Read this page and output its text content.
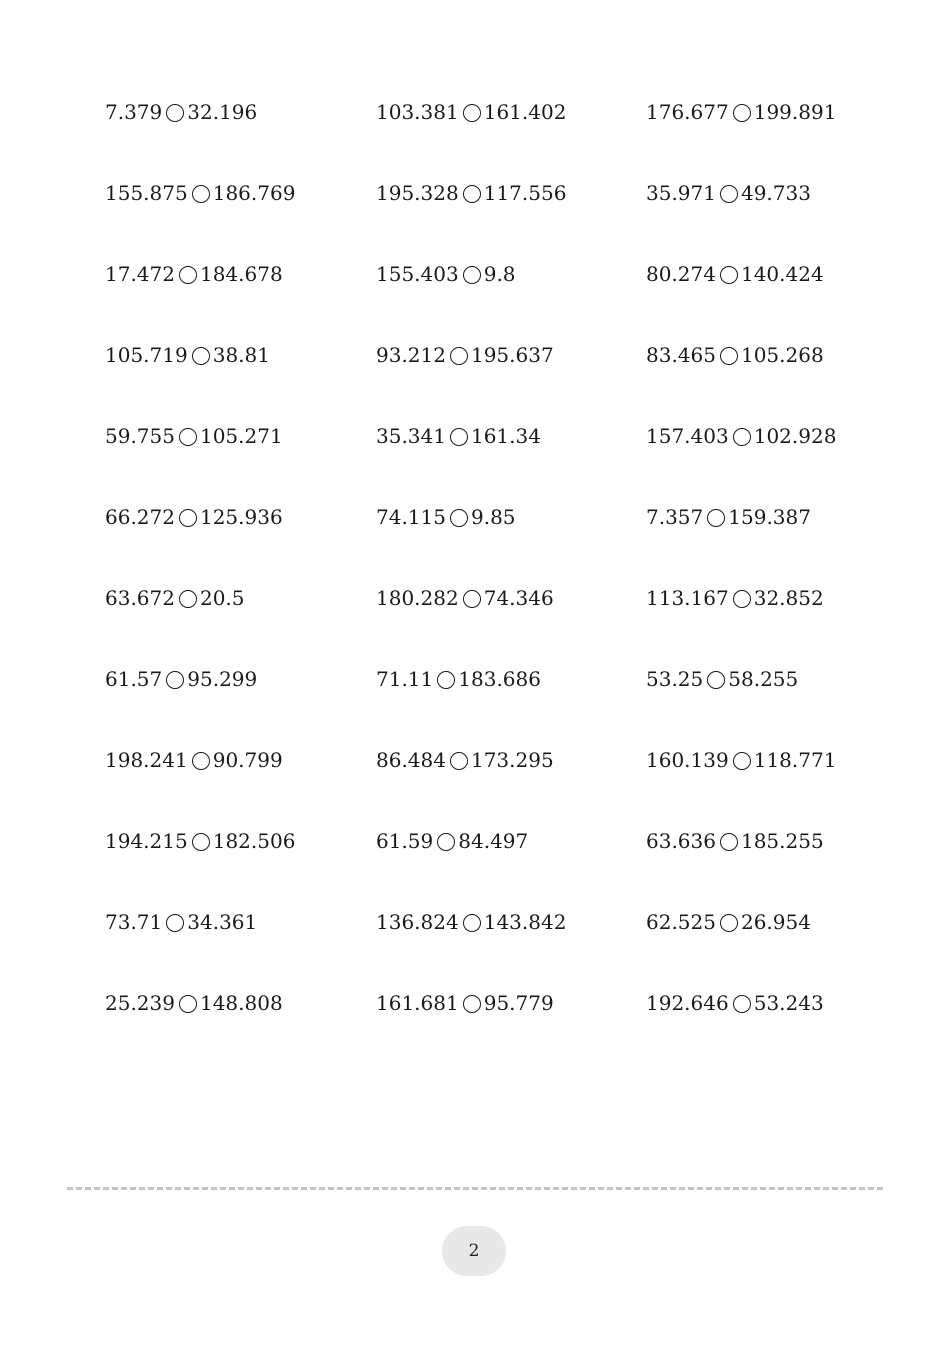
7.379 32.196	103.381 161.402	176.677 199.891
155.875 186.769	195.328 117.556	35.971 49.733
17.472 184.678	155.403 9.8	80.274 140.424
105.719 38.81	93.212 195.637	83.465 105.268
59.755 105.271	35.341 161.34	157.403 102.928
66.272 125.936	74.115 9.85	7.357 159.387
63.672 20.5	180.282 74.346	113.167 32.852
61.57 95.299	71.11 183.686	53.25 58.255
198.241 90.799	86.484 173.295	160.139 118.771
194.215 182.506	61.59 84.497	63.636 185.255
73.71 34.361	136.824 143.842	62.525 26.954
25.239 148.808	161.681 95.779	192.646 53.243
2
